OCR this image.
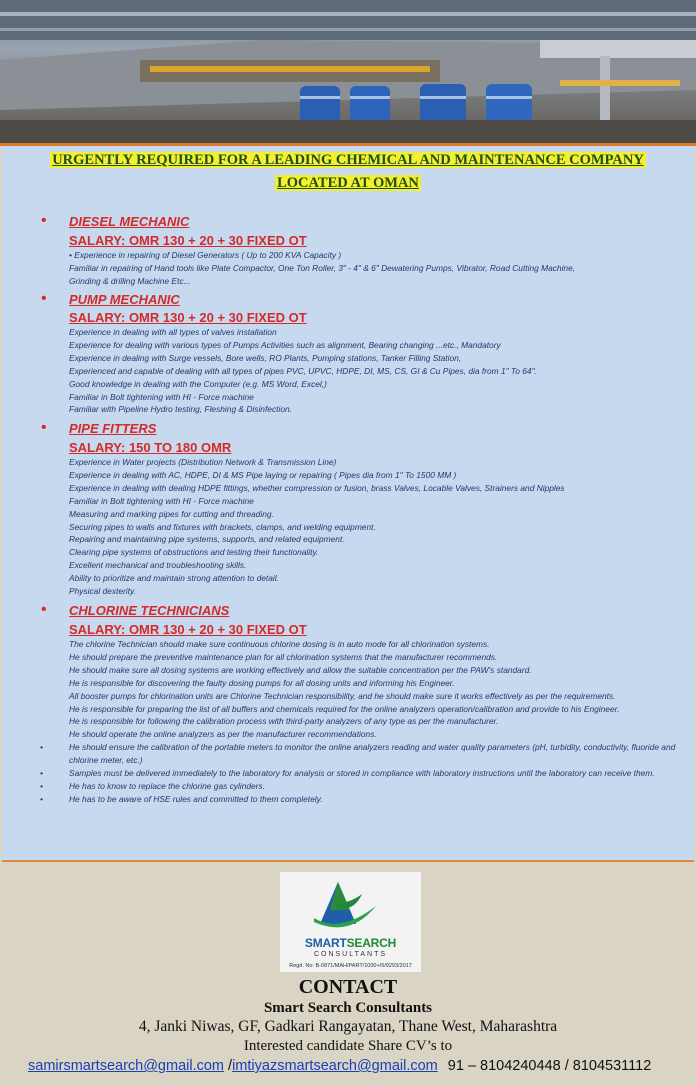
URGENTLY REQUIRED FOR A LEADING CHEMICAL AND MAINTENANCE COMPANY
LOCATED AT OMAN
• DIESEL MECHANIC
SALARY: OMR 130 + 20 + 30 FIXED OT
• Experience in repairing of Diesel Generators ( Up to 200 KVA Capacity )
Familiar in repairing of Hand tools like Plate Compactor, One Ton Roller, 3" - 4" & 6" Dewatering Pumps, Vibrator, Road Cutting Machine,
Grinding & drilling Machine Etc...
• PUMP MECHANIC
SALARY: OMR 130 + 20 + 30 FIXED OT
Experience in dealing with all types of valves installation
Experience for dealing with various types of Pumps Activities such as alignment, Bearing changing ...etc., Mandatory
Experience in dealing with Surge vessels, Bore wells, RO Plants, Pumping stations, Tanker Filling Station,
Experienced and capable of dealing with all types of pipes PVC, UPVC, HDPE, DI, MS, CS, GI & Cu Pipes, dia from 1" To 64".
Good knowledge in dealing with the Computer (e.g. MS Word, Excel,)
Familiar in Bolt tightening with HI - Force machine
Familiar with Pipeline Hydro testing, Fleshing & Disinfection.
• PIPE FITTERS
SALARY: 150 TO 180 OMR
Experience in Water projects (Distribution Network & Transmission Line)
Experience in dealing with AC, HDPE, DI & MS Pipe laying or repairing ( Pipes dia from 1" To 1500 MM )
Experience in dealing with dealing HDPE fittings, whether compression or fusion, brass Valves, Locable Valves, Strainers and Nipples
Familiar in Bolt tightening with HI - Force machine
Measuring and marking pipes for cutting and threading.
Securing pipes to walls and fixtures with brackets, clamps, and welding equipment.
Repairing and maintaining pipe systems, supports, and related equipment.
Clearing pipe systems of obstructions and testing their functionality.
Excellent mechanical and troubleshooting skills.
Ability to prioritize and maintain strong attention to detail.
Physical dexterity.
• CHLORINE TECHNICIANS
SALARY: OMR 130 + 20 + 30 FIXED OT
The chlorine Technician should make sure continuous chlorine dosing is in auto mode for all chlorination systems.
He should prepare the preventive maintenance plan for all chlorination systems that the manufacturer recommends.
He should make sure all dosing systems are working effectively and allow the suitable concentration per the PAW's standard.
He is responsible for discovering the faulty dosing pumps for all dosing units and informing his Engineer.
All booster pumps for chlorination units are Chlorine Technician responsibility, and he should make sure it works effectively as per the requirements.
He is responsible for preparing the list of all buffers and chemicals required for the online analyzers operation/calibration and provide to his Engineer.
He is responsible for following the calibration process with third-party analyzers of any type as per the manufacturer.
He should operate the online analyzers as per the manufacturer recommendations.
•	He should ensure the calibration of the portable meters to monitor the online analyzers reading and water quality parameters (pH, turbidity, conductivity, fluoride and chlorine meter, etc.)
•	Samples must be delivered immediately to the laboratory for analysis or stored in compliance with laboratory instructions until the laboratory can receive them.
•	He has to know to replace the chlorine gas cylinders.
•	He has to be aware of HSE rules and committed to them completely.
SMARTSEARCH
CONSULTANTS
Regd. No: B-0871/MAH/PART/1000+/5/9293/2017
CONTACT
Smart Search Consultants
4, Janki Niwas, GF, Gadkari Rangayatan, Thane West, Maharashtra
Interested candidate Share CV’s to
samirsmartsearch@gmail.com /imtiyazsmartsearch@gmail.com 91 – 8104240448 / 8104531112
